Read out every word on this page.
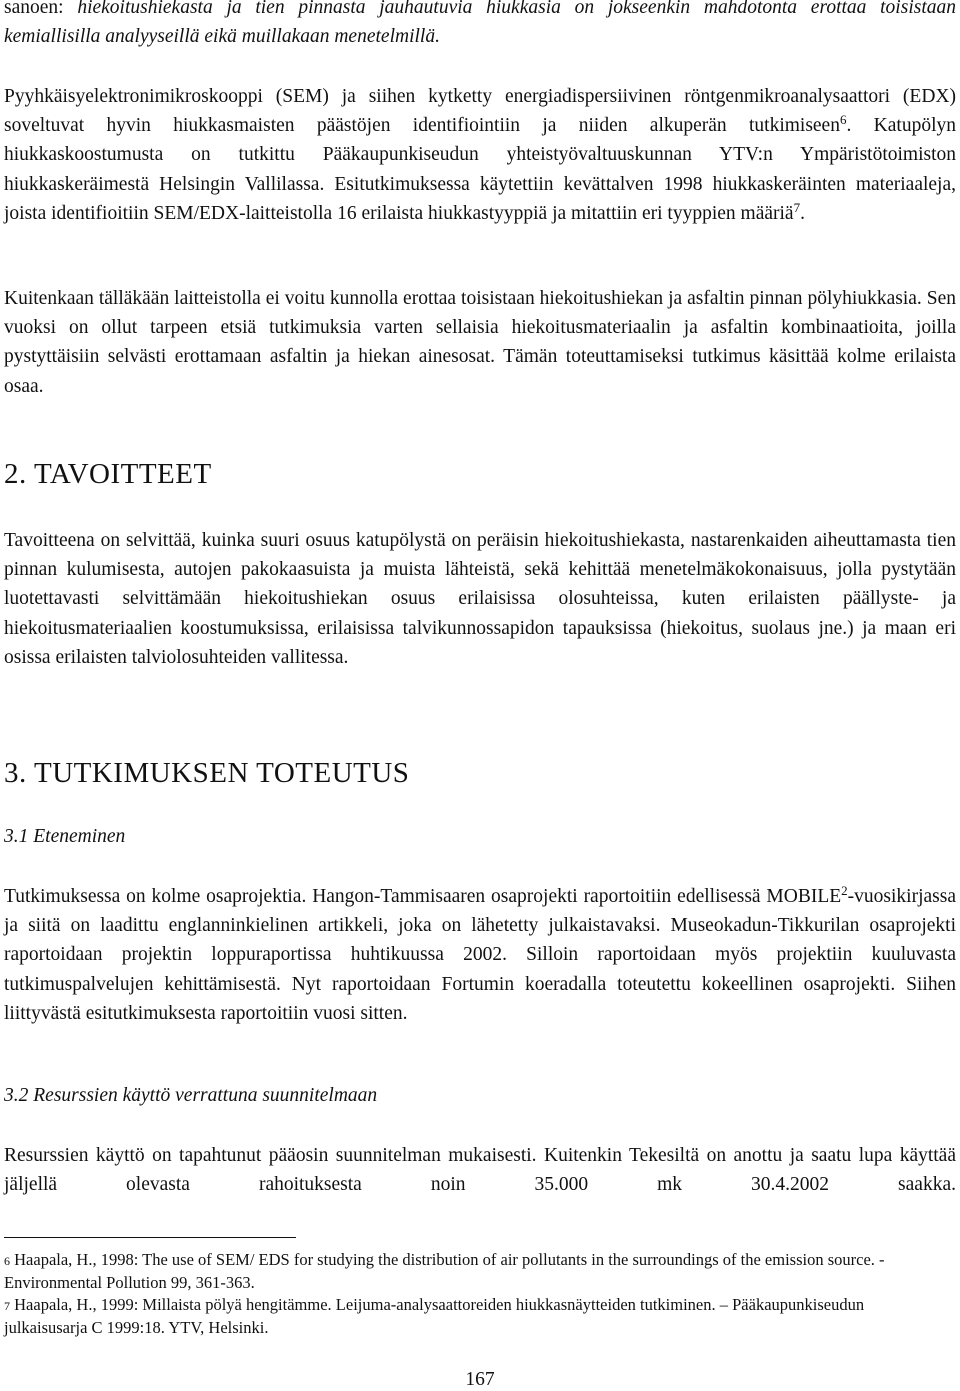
sanoen: hiekoitushiekasta ja tien pinnasta jauhautuvia hiukkasia on jokseenkin mahdotonta erottaa toisistaan kemiallisilla analyyseillä eikä muillakaan menetelmillä.

Pyyhkäisyelektronimikroskooppi (SEM) ja siihen kytketty energiadispersiivinen röntgenmikroanalysaattori (EDX) soveltuvat hyvin hiukkasmaisten päästöjen identifiointiin ja niiden alkuperän tutkimiseen$^6$. Katupölyn hiukkaskoostumusta on tutkittu Pääkaupunkiseudun yhteistyövaltuuskunnan YTV:n Ympäristötoimiston hiukkaskeräimestä Helsingin Vallilassa. Esitutkimuksessa käytettiin kevättalven 1998 hiukkaskeräinten materiaaleja, joista identifioitiin SEM/EDX-laitteistolla 16 erilaista hiukkastyyppiä ja mitattiin eri tyyppien määriä$^7$.

Kuitenkaan tälläkään laitteistolla ei voitu kunnolla erottaa toisistaan hiekoitushiekan ja asfaltin pinnan pölyhiukkasia. Sen vuoksi on ollut tarpeen etsiä tutkimuksia varten sellaisia hiekoitusmateriaalin ja asfaltin kombinaatioita, joilla pystyttäisiin selvästi erottamaan asfaltin ja hiekan ainesosat. Tämän toteuttamiseksi tutkimus käsittää kolme erilaista osaa.

2. TAVOITTEET

Tavoitteena on selvittää, kuinka suuri osuus katupölystä on peräisin hiekoitushiekasta, nastarenkaiden aiheuttamasta tien pinnan kulumisesta, autojen pakokaasuista ja muista lähteistä, sekä kehittää menetelmäkokonaisuus, jolla pystytään luotettavasti selvittämään hiekoitushiekan osuus erilaisissa olosuhteissa, kuten erilaisten päällyste- ja hiekoitusmateriaalien koostumuksissa, erilaisissa talvikunnossapidon tapauksissa (hiekoitus, suolaus jne.) ja maan eri osissa erilaisten talviolosuhteiden vallitessa.

3. TUTKIMUKSEN TOTEUTUS
3.1 Eteneminen

Tutkimuksessa on kolme osaprojektia. Hangon-Tammisaaren osaprojekti raportoitiin edellisessä MOBILE$^2$-vuosikirjassa ja siitä on laadittu englanninkielinen artikkeli, joka on lähetetty julkaistavaksi. Museokadun-Tikkurilan osaprojekti raportoidaan projektin loppuraportissa huhtikuussa 2002. Silloin raportoidaan myös projektiin kuuluvasta tutkimuspalvelujen kehittämisestä. Nyt raportoidaan Fortumin koeradalla toteutettu kokeellinen osaprojekti. Siihen liittyvästä esitutkimuksesta raportoitiin vuosi sitten.

3.2 Resurssien käyttö verrattuna suunnitelmaan

Resurssien käyttö on tapahtunut pääosin suunnitelman mukaisesti. Kuitenkin Tekesiltä on anottu ja saatu lupa käyttää jäljellä olevasta rahoituksesta noin 35.000 mk 30.4.2002 saakka.

6 Haapala, H., 1998: The use of SEM/ EDS for studying the distribution of air pollutants in the surroundings of the emission source. - Environmental Pollution 99, 361-363.

7 Haapala, H., 1999: Millaista pölyä hengitämme. Leijuma-analysaattoreiden hiukkasnäytteiden tutkiminen. – Pääkaupunkiseudun julkaisusarja C 1999:18. YTV, Helsinki.

167
